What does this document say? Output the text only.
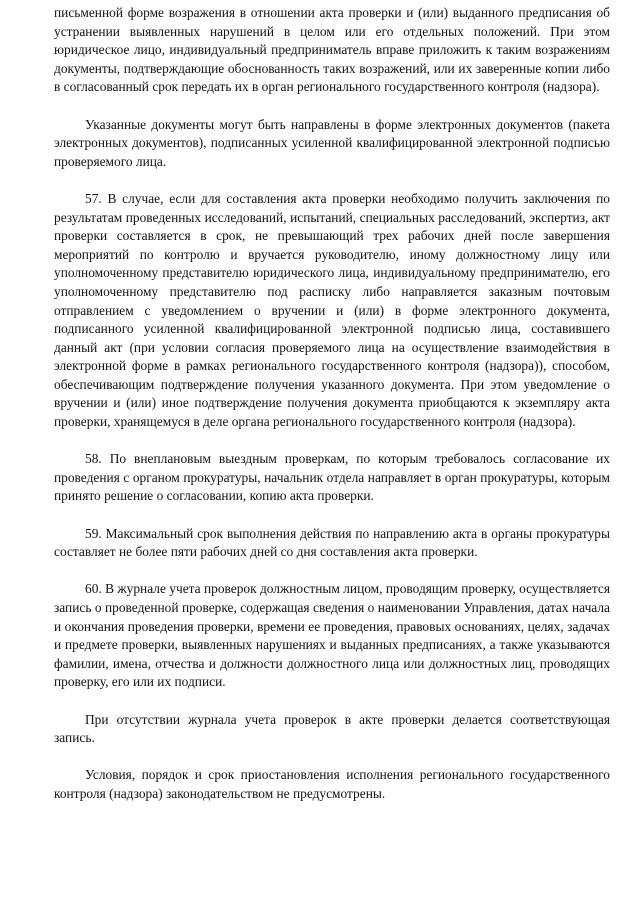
письменной форме возражения в отношении акта проверки и (или) выданного предписания об устранении выявленных нарушений в целом или его отдельных положений. При этом юридическое лицо, индивидуальный предприниматель вправе приложить к таким возражениям документы, подтверждающие обоснованность таких возражений, или их заверенные копии либо в согласованный срок передать их в орган регионального государственного контроля (надзора).

Указанные документы могут быть направлены в форме электронных документов (пакета электронных документов), подписанных усиленной квалифицированной электронной подписью проверяемого лица.

57. В случае, если для составления акта проверки необходимо получить заключения по результатам проведенных исследований, испытаний, специальных расследований, экспертиз, акт проверки составляется в срок, не превышающий трех рабочих дней после завершения мероприятий по контролю и вручается руководителю, иному должностному лицу или уполномоченному представителю юридического лица, индивидуальному предпринимателю, его уполномоченному представителю под расписку либо направляется заказным почтовым отправлением с уведомлением о вручении и (или) в форме электронного документа, подписанного усиленной квалифицированной электронной подписью лица, составившего данный акт (при условии согласия проверяемого лица на осуществление взаимодействия в электронной форме в рамках регионального государственного контроля (надзора)), способом, обеспечивающим подтверждение получения указанного документа. При этом уведомление о вручении и (или) иное подтверждение получения документа приобщаются к экземпляру акта проверки, хранящемуся в деле органа регионального государственного контроля (надзора).

58. По внеплановым выездным проверкам, по которым требовалось согласование их проведения с органом прокуратуры, начальник отдела направляет в орган прокуратуры, которым принято решение о согласовании, копию акта проверки.

59. Максимальный срок выполнения действия по направлению акта в органы прокуратуры составляет не более пяти рабочих дней со дня составления акта проверки.

60. В журнале учета проверок должностным лицом, проводящим проверку, осуществляется запись о проведенной проверке, содержащая сведения о наименовании Управления, датах начала и окончания проведения проверки, времени ее проведения, правовых основаниях, целях, задачах и предмете проверки, выявленных нарушениях и выданных предписаниях, а также указываются фамилии, имена, отчества и должности должностного лица или должностных лиц, проводящих проверку, его или их подписи.

При отсутствии журнала учета проверок в акте проверки делается соответствующая запись.

Условия, порядок и срок приостановления исполнения регионального государственного контроля (надзора) законодательством не предусмотрены.
